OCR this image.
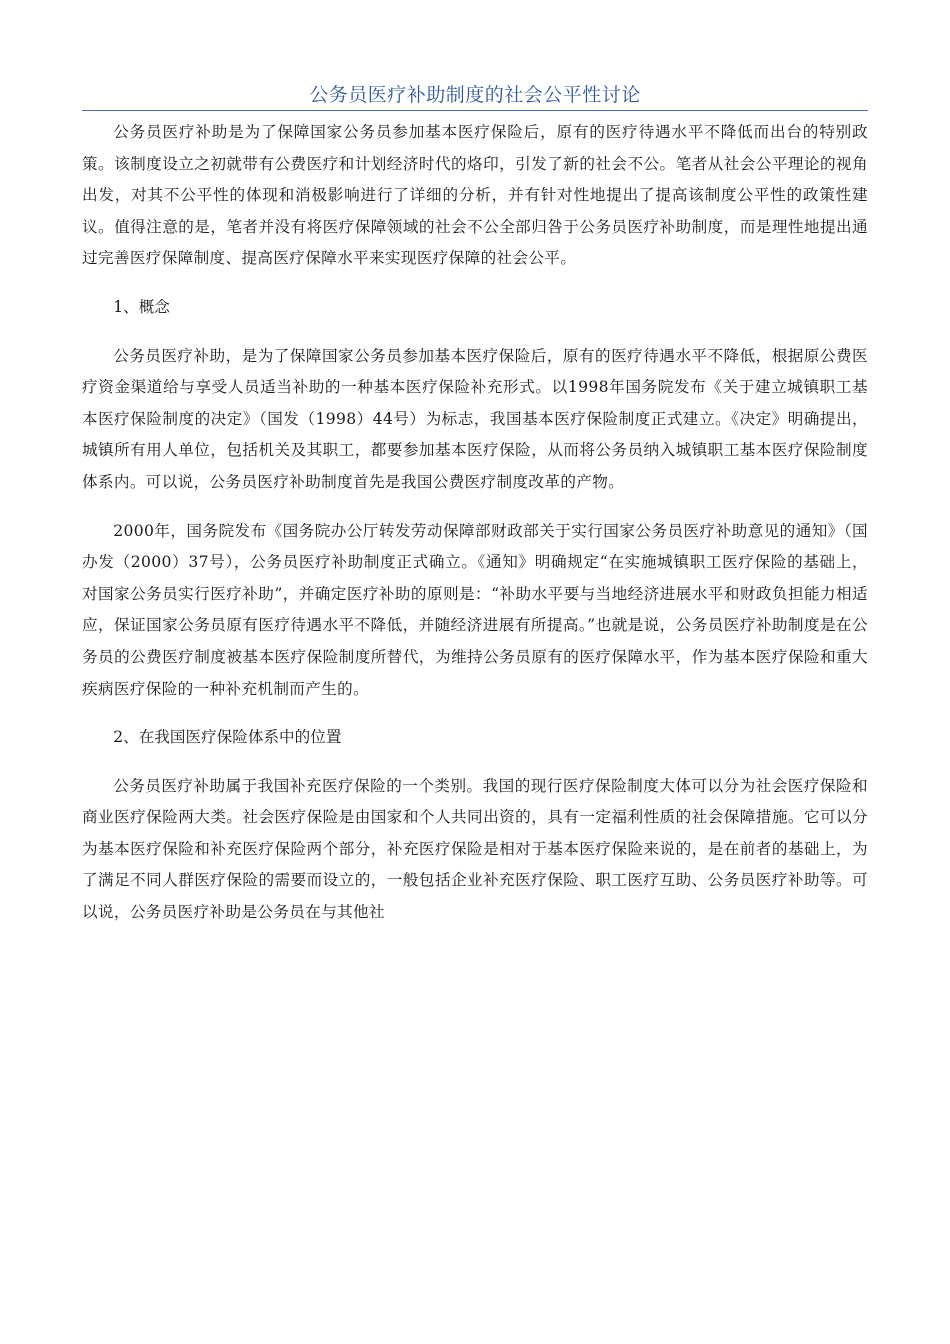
公务员医疗补助制度的社会公平性讨论

公务员医疗补助是为了保障国家公务员参加基本医疗保险后，原有的医疗待遇水平不降低而出台的特别政策。该制度设立之初就带有公费医疗和计划经济时代的烙印，引发了新的社会不公。笔者从社会公平理论的视角出发，对其不公平性的体现和消极影响进行了详细的分析，并有针对性地提出了提高该制度公平性的政策性建议。值得注意的是，笔者并没有将医疗保障领域的社会不公全部归咎于公务员医疗补助制度，而是理性地提出通过完善医疗保障制度、提高医疗保障水平来实现医疗保障的社会公平。

1、概念

公务员医疗补助，是为了保障国家公务员参加基本医疗保险后，原有的医疗待遇水平不降低，根据原公费医疗资金渠道给与享受人员适当补助的一种基本医疗保险补充形式。以1998年国务院发布《关于建立城镇职工基本医疗保险制度的决定》（国发（1998）44号）为标志，我国基本医疗保险制度正式建立。《决定》明确提出，城镇所有用人单位，包括机关及其职工，都要参加基本医疗保险，从而将公务员纳入城镇职工基本医疗保险制度体系内。可以说，公务员医疗补助制度首先是我国公费医疗制度改革的产物。

2000年，国务院发布《国务院办公厅转发劳动保障部财政部关于实行国家公务员医疗补助意见的通知》（国办发（2000）37号），公务员医疗补助制度正式确立。《通知》明确规定“在实施城镇职工医疗保险的基础上，对国家公务员实行医疗补助”，并确定医疗补助的原则是：“补助水平要与当地经济进展水平和财政负担能力相适应，保证国家公务员原有医疗待遇水平不降低，并随经济进展有所提高。”也就是说，公务员医疗补助制度是在公务员的公费医疗制度被基本医疗保险制度所替代，为维持公务员原有的医疗保障水平，作为基本医疗保险和重大疾病医疗保险的一种补充机制而产生的。

2、在我国医疗保险体系中的位置

公务员医疗补助属于我国补充医疗保险的一个类别。我国的现行医疗保险制度大体可以分为社会医疗保险和商业医疗保险两大类。社会医疗保险是由国家和个人共同出资的，具有一定福利性质的社会保障措施。它可以分为基本医疗保险和补充医疗保险两个部分，补充医疗保险是相对于基本医疗保险来说的，是在前者的基础上，为了满足不同人群医疗保险的需要而设立的，一般包括企业补充医疗保险、职工医疗互助、公务员医疗补助等。可以说，公务员医疗补助是公务员在与其他社
